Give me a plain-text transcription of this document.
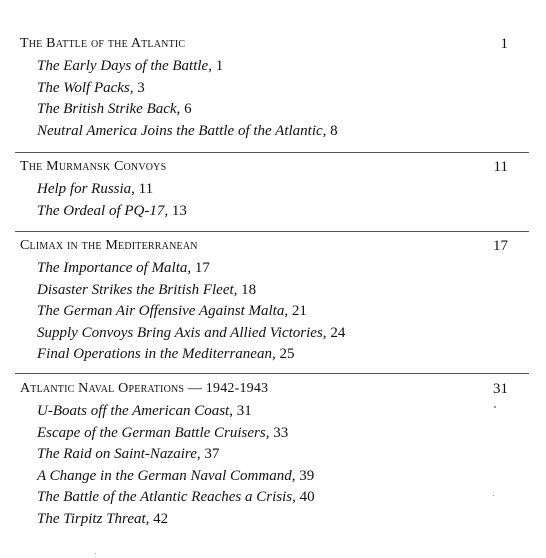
The Battle of the Atlantic	1
The Early Days of the Battle, 1
The Wolf Packs, 3
The British Strike Back, 6
Neutral America Joins the Battle of the Atlantic, 8
The Murmansk Convoys	11
Help for Russia, 11
The Ordeal of PQ-17, 13
Climax in the Mediterranean	17
The Importance of Malta, 17
Disaster Strikes the British Fleet, 18
The German Air Offensive Against Malta, 21
Supply Convoys Bring Axis and Allied Victories, 24
Final Operations in the Mediterranean, 25
Atlantic Naval Operations — 1942-1943	31
U-Boats off the American Coast, 31
Escape of the German Battle Cruisers, 33
The Raid on Saint-Nazaire, 37
A Change in the German Naval Command, 39
The Battle of the Atlantic Reaches a Crisis, 40
The Tirpitz Threat, 42
